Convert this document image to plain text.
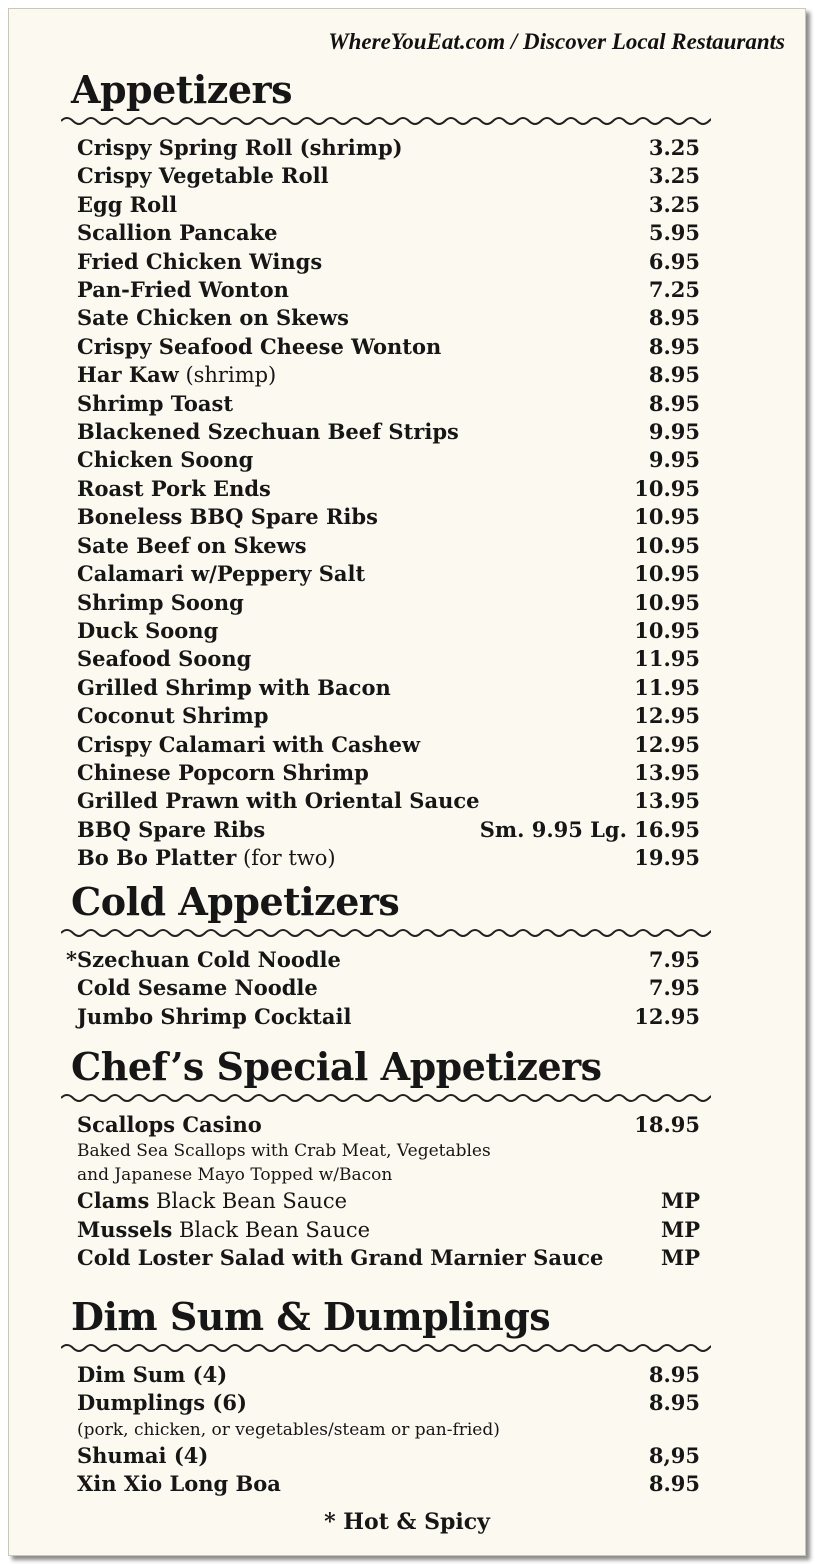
WhereYouEat.com / Discover Local Restaurants
Appetizers
Crispy Spring Roll (shrimp)	3.25
Crispy Vegetable Roll	3.25
Egg Roll	3.25
Scallion Pancake	5.95
Fried Chicken Wings	6.95
Pan-Fried Wonton	7.25
Sate Chicken on Skews	8.95
Crispy Seafood Cheese Wonton	8.95
Har Kaw (shrimp)	8.95
Shrimp Toast	8.95
Blackened Szechuan Beef Strips	9.95
Chicken Soong	9.95
Roast Pork Ends	10.95
Boneless BBQ Spare Ribs	10.95
Sate Beef on Skews	10.95
Calamari w/Peppery Salt	10.95
Shrimp Soong	10.95
Duck Soong	10.95
Seafood Soong	11.95
Grilled Shrimp with Bacon	11.95
Coconut Shrimp	12.95
Crispy Calamari with Cashew	12.95
Chinese Popcorn Shrimp	13.95
Grilled Prawn with Oriental Sauce	13.95
BBQ Spare Ribs	Sm. 9.95 Lg. 16.95
Bo Bo Platter (for two)	19.95
Cold Appetizers
* Szechuan Cold Noodle	7.95
Cold Sesame Noodle	7.95
Jumbo Shrimp Cocktail	12.95
Chef’s Special Appetizers
Scallops Casino	18.95
Baked Sea Scallops with Crab Meat, Vegetables
and Japanese Mayo Topped w/Bacon
Clams Black Bean Sauce	MP
Mussels Black Bean Sauce	MP
Cold Loster Salad with Grand Marnier Sauce	MP
Dim Sum & Dumplings
Dim Sum (4)	8.95
Dumplings (6)	8.95
(pork, chicken, or vegetables/steam or pan-fried)
Shumai (4)	8,95
Xin Xio Long Boa	8.95
* Hot & Spicy
